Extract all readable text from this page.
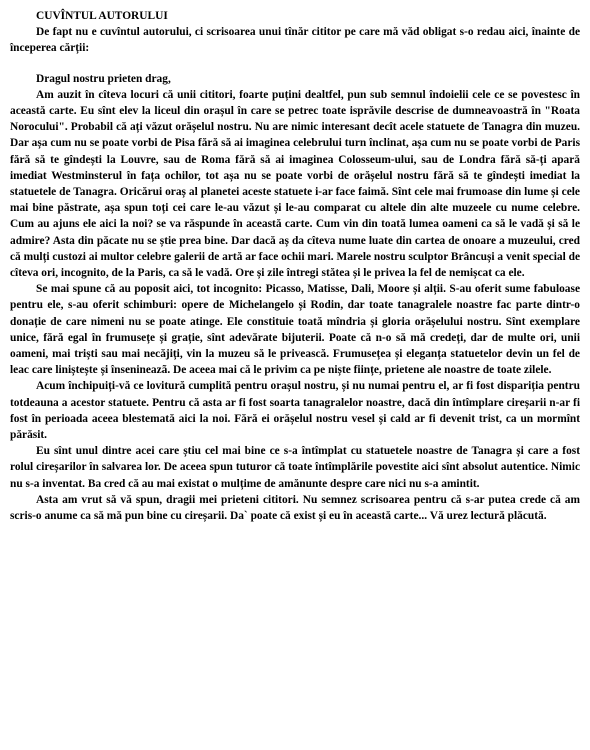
CUVÎNTUL AUTORULUI

De fapt nu e cuvîntul autorului, ci scrisoarea unui tînăr cititor pe care mă văd obligat s-o redau aici, înainte de începerea cărții:

Dragul nostru prieten drag,

Am auzit în cîteva locuri că unii cititori, foarte puțini dealtfel, pun sub semnul îndoielii cele ce se povestesc în această carte. Eu sînt elev la liceul din orașul în care se petrec toate isprăvile descrise de dumneavoastră în "Roata Norocului". Probabil că ați văzut orășelul nostru. Nu are nimic interesant decît acele statuete de Tanagra din muzeu. Dar așa cum nu se poate vorbi de Pisa fără să ai imaginea celebrului turn înclinat, așa cum nu se poate vorbi de Paris fără să te gîndești la Louvre, sau de Roma fără să ai imaginea Colosseum-ului, sau de Londra fără să-ți apară imediat Westminsterul în fața ochilor, tot așa nu se poate vorbi de orășelul nostru fără să te gîndești imediat la statuetele de Tanagra. Oricărui oraș al planetei aceste statuete i-ar face faimă. Sînt cele mai frumoase din lume și cele mai bine păstrate, așa spun toți cei care le-au văzut și le-au comparat cu altele din alte muzeele cu nume celebre. Cum au ajuns ele aici la noi? se va răspunde în această carte. Cum vin din toată lumea oameni ca să le vadă și să le admire? Asta din păcate nu se știe prea bine. Dar dacă aș da cîteva nume luate din cartea de onoare a muzeului, cred că mulți custozi ai multor celebre galerii de artă ar face ochii mari. Marele nostru sculptor Brâncuși a venit special de cîteva ori, incognito, de la Paris, ca să le vadă. Ore și zile întregi stătea și le privea la fel de nemișcat ca ele.

Se mai spune că au poposit aici, tot incognito: Picasso, Matisse, Dali, Moore și alții. S-au oferit sume fabuloase pentru ele, s-au oferit schimburi: opere de Michelangelo și Rodin, dar toate tanagralele noastre fac parte dintr-o donație de care nimeni nu se poate atinge. Ele constituie toată mîndria și gloria orășelului nostru. Sînt exemplare unice, fără egal în frumusețe și grație, sînt adevărate bijuterii. Poate că n-o să mă credeți, dar de multe ori, unii oameni, mai triști sau mai necăjiți, vin la muzeu să le privească. Frumusețea și eleganța statuetelor devin un fel de leac care liniștește și însenineazã. De aceea mai că le privim ca pe niște ființe, prietene ale noastre de toate zilele.

Acum închipuiți-vă ce lovitură cumplită pentru orașul nostru, și nu numai pentru el, ar fi fost dispariția pentru totdeauna a acestor statuete. Pentru că asta ar fi fost soarta tanagralelor noastre, dacă din întîmplare cireșarii n-ar fi fost în perioada aceea blestemată aici la noi. Fără ei orășelul nostru vesel și cald ar fi devenit trist, ca un mormînt părăsit.

Eu sînt unul dintre acei care știu cel mai bine ce s-a întîmplat cu statuetele noastre de Tanagra și care a fost rolul cireșarilor în salvarea lor. De aceea spun tuturor că toate întîmplările povestite aici sînt absolut autentice. Nimic nu s-a inventat. Ba cred că au mai existat o mulțime de amănunte despre care nici nu s-a amintit.

Asta am vrut să vă spun, dragii mei prieteni cititori. Nu semnez scrisoarea pentru că s-ar putea crede că am scris-o anume ca să mă pun bine cu cireșarii. Da` poate că exist și eu în această carte... Vă urez lectură plăcută.
